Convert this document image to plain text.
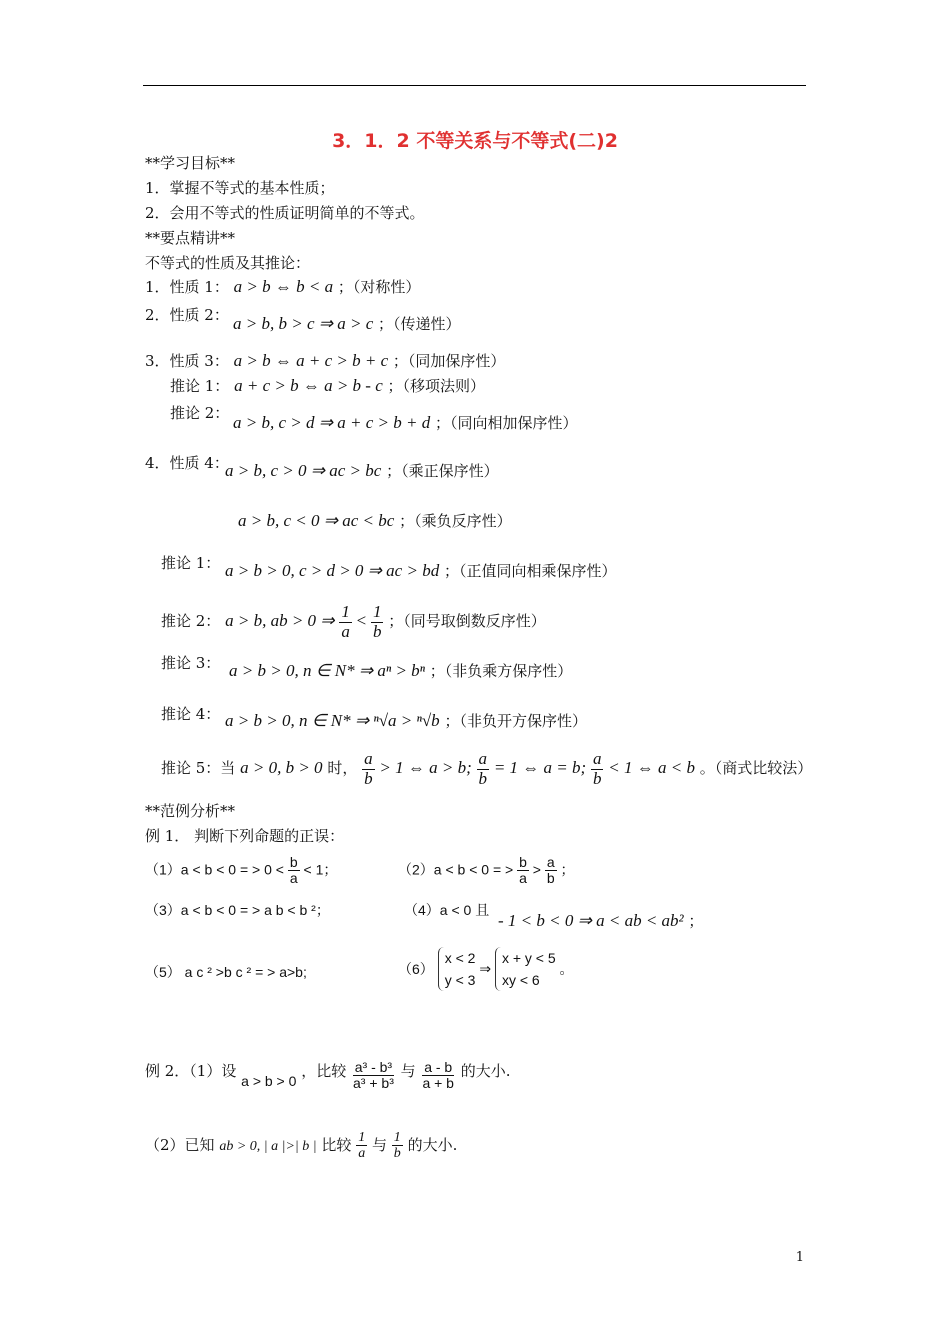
3．1．2 不等关系与不等式(二)2
**学习目标**
1．掌握不等式的基本性质；
2．会用不等式的性质证明简单的不等式。
**要点精讲**
不等式的性质及其推论：
1．性质 1： a > b ⇔ b < a ；（对称性）
2．性质 2： a > b, b > c ⇒ a > c ；（传递性）
3．性质 3： a > b ⇔ a + c > b + c ；（同加保序性）
推论 1： a + c > b ⇔ a > b - c ；（移项法则）
推论 2： a > b, c > d ⇒ a + c > b + d ；（同向相加保序性）
4．性质 4：
a > b, c > 0 ⇒ ac > bc ；（乘正保序性）
a > b, c < 0 ⇒ ac < bc ；（乘负反序性）
推论 1： a > b > 0, c > d > 0 ⇒ ac > bd ；（正值同向相乘保序性）
推论 2： a > b, ab > 0 ⇒ $\frac{1}{a} < \frac{1}{b}$ ；（同号取倒数反序性）
推论 3： a > b > 0, n ∈ N* ⇒ aⁿ > bⁿ ；（非负乘方保序性）
推论 4： a > b > 0, n ∈ N* ⇒ ⁿ√a > ⁿ√b ；（非负开方保序性）
推论 5：当 a > 0, b > 0 时， $\frac{a}{b} > 1$ ⇔ a > b; $\frac{a}{b} = 1$ ⇔ a = b; $\frac{a}{b} < 1$ ⇔ a < b 。（商式比较法）
**范例分析**
例 1． 判断下列命题的正误：
（1）a < b < 0 = > $0 < \frac{b}{a} < 1$；	（2）a < b < 0 = > $\frac{b}{a} > \frac{a}{b}$ ；
（3）a < b < 0 = > a b < b ²；	（4）a < 0 且
- 1 < b < 0 ⇒ a < ab < ab² ；
（5） a c ² >b c ² = > a>b;	（6） x < 2
y < 3 ⇒ x + y < 5
xy < 6 。
例 2．（1）设 a > b > 0 ，比较 $\frac{\text{a³ - b³}}{\text{a³ + b³}}$ 与 $\frac{a - b}{a + b}$ 的大小.
（2）已知 ab > 0, | a |>| b | 比较 $\frac{1}{a}$ 与 $\frac{1}{b}$ 的大小.
1
